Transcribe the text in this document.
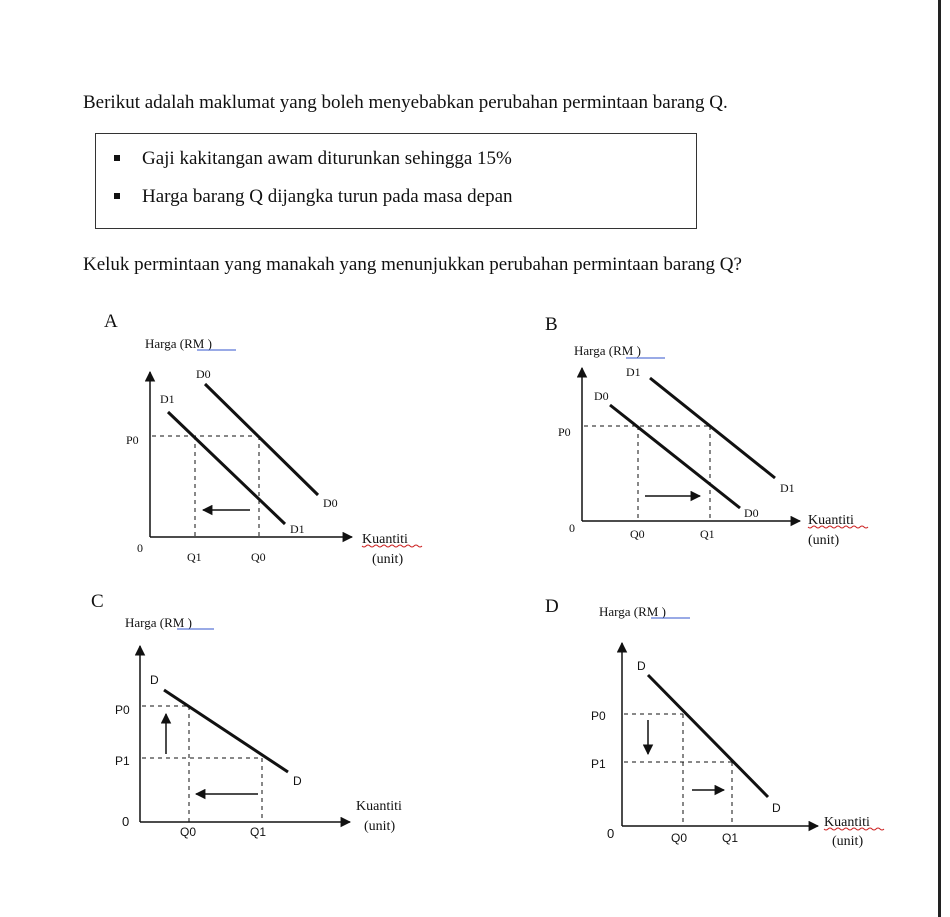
Berikut adalah maklumat yang boleh menyebabkan perubahan permintaan barang Q.
Gaji kakitangan awam diturunkan sehingga 15%
Harga barang Q dijangka turun pada masa depan
Keluk permintaan yang manakah yang menunjukkan perubahan permintaan barang Q?
A	B
C	D
Harga (RM )
P0
D1
D0
D0
D1
0
Q1	Q0
Kuantiti
(unit)
Harga (RM )
P0
D0
D1
D1
D0
0	Q0	Q1
Kuantiti
(unit)
Harga (RM )
P0
P1
D
D
0
Q0	Q1
Kuantiti
(unit)
Harga (RM )
P0
P1
D
D
0	Q0	Q1
Kuantiti
(unit)
